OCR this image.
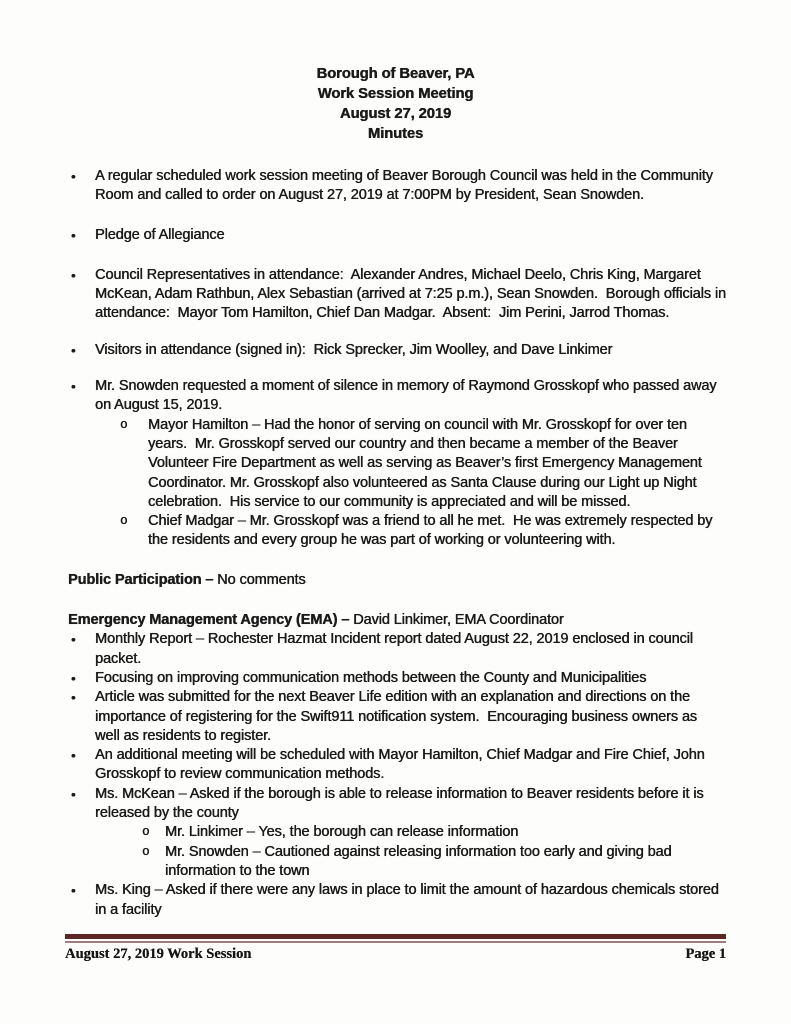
Borough of Beaver, PA
Work Session Meeting
August 27, 2019
Minutes
• A regular scheduled work session meeting of Beaver Borough Council was held in the Community
Room and called to order on August 27, 2019 at 7:00PM by President, Sean Snowden.
• Pledge of Allegiance
• Council Representatives in attendance:  Alexander Andres, Michael Deelo, Chris King, Margaret
McKean, Adam Rathbun, Alex Sebastian (arrived at 7:25 p.m.), Sean Snowden.  Borough officials in
attendance:  Mayor Tom Hamilton, Chief Dan Madgar.  Absent:  Jim Perini, Jarrod Thomas.
• Visitors in attendance (signed in):  Rick Sprecker, Jim Woolley, and Dave Linkimer
• Mr. Snowden requested a moment of silence in memory of Raymond Grosskopf who passed away
on August 15, 2019.
o Mayor Hamilton – Had the honor of serving on council with Mr. Grosskopf for over ten
years.  Mr. Grosskopf served our country and then became a member of the Beaver
Volunteer Fire Department as well as serving as Beaver’s first Emergency Management
Coordinator. Mr. Grosskopf also volunteered as Santa Clause during our Light up Night
celebration.  His service to our community is appreciated and will be missed.
o Chief Madgar – Mr. Grosskopf was a friend to all he met.  He was extremely respected by
the residents and every group he was part of working or volunteering with.
Public Participation – No comments
Emergency Management Agency (EMA) – David Linkimer, EMA Coordinator
• Monthly Report – Rochester Hazmat Incident report dated August 22, 2019 enclosed in council
packet.
• Focusing on improving communication methods between the County and Municipalities
• Article was submitted for the next Beaver Life edition with an explanation and directions on the
importance of registering for the Swift911 notification system.  Encouraging business owners as
well as residents to register.
• An additional meeting will be scheduled with Mayor Hamilton, Chief Madgar and Fire Chief, John
Grosskopf to review communication methods.
• Ms. McKean – Asked if the borough is able to release information to Beaver residents before it is
released by the county
o Mr. Linkimer – Yes, the borough can release information
o Mr. Snowden – Cautioned against releasing information too early and giving bad
information to the town
• Ms. King – Asked if there were any laws in place to limit the amount of hazardous chemicals stored
in a facility
August 27, 2019 Work Session	Page 1
